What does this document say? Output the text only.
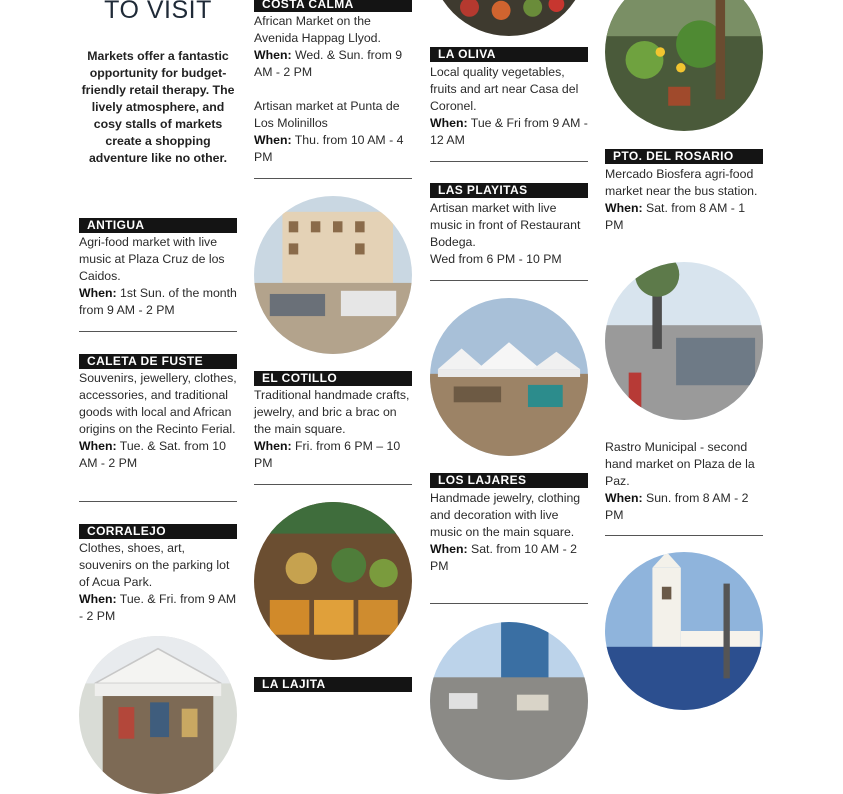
TO VISIT
Markets offer a fantastic opportunity for budget-friendly retail therapy. The lively atmosphere, and cosy stalls of markets create a shopping adventure like no other.
ANTIGUA
Agri-food market with live music at Plaza Cruz de los Caidos.
When: 1st Sun. of the month from 9 AM - 2 PM
CALETA DE FUSTE
Souvenirs, jewellery, clothes, accessories, and traditional goods with local and African origins on the Recinto Ferial.
When: Tue. & Sat. from 10 AM - 2 PM
CORRALEJO
Clothes, shoes, art, souvenirs on the parking lot of Acua Park.
When: Tue. & Fri. from 9 AM - 2 PM
COSTA CALMA
African Market on the Avenida Happag Llyod.
When: Wed. & Sun. from 9 AM - 2 PM
Artisan market at Punta de Los Molinillos
When: Thu. from 10 AM - 4 PM
EL COTILLO
Traditional handmade crafts, jewelry, and bric a brac on the main square.
When: Fri. from 6 PM – 10 PM
LA LAJITA
LA OLIVA
Local quality vegetables, fruits and art near Casa del Coronel.
When: Tue & Fri from 9 AM - 12 AM
LAS PLAYITAS
Artisan market with live music in front of Restaurant Bodega.
Wed from 6 PM - 10 PM
LOS LAJARES
Handmade jewelry, clothing and decoration with live music on the main square.
When: Sat. from 10 AM - 2 PM
PTO. DEL ROSARIO
Mercado Biosfera agri-food market near the bus station.
When: Sat. from 8 AM - 1 PM
Rastro Municipal - second hand market on Plaza de la Paz.
When: Sun. from 8 AM - 2 PM
